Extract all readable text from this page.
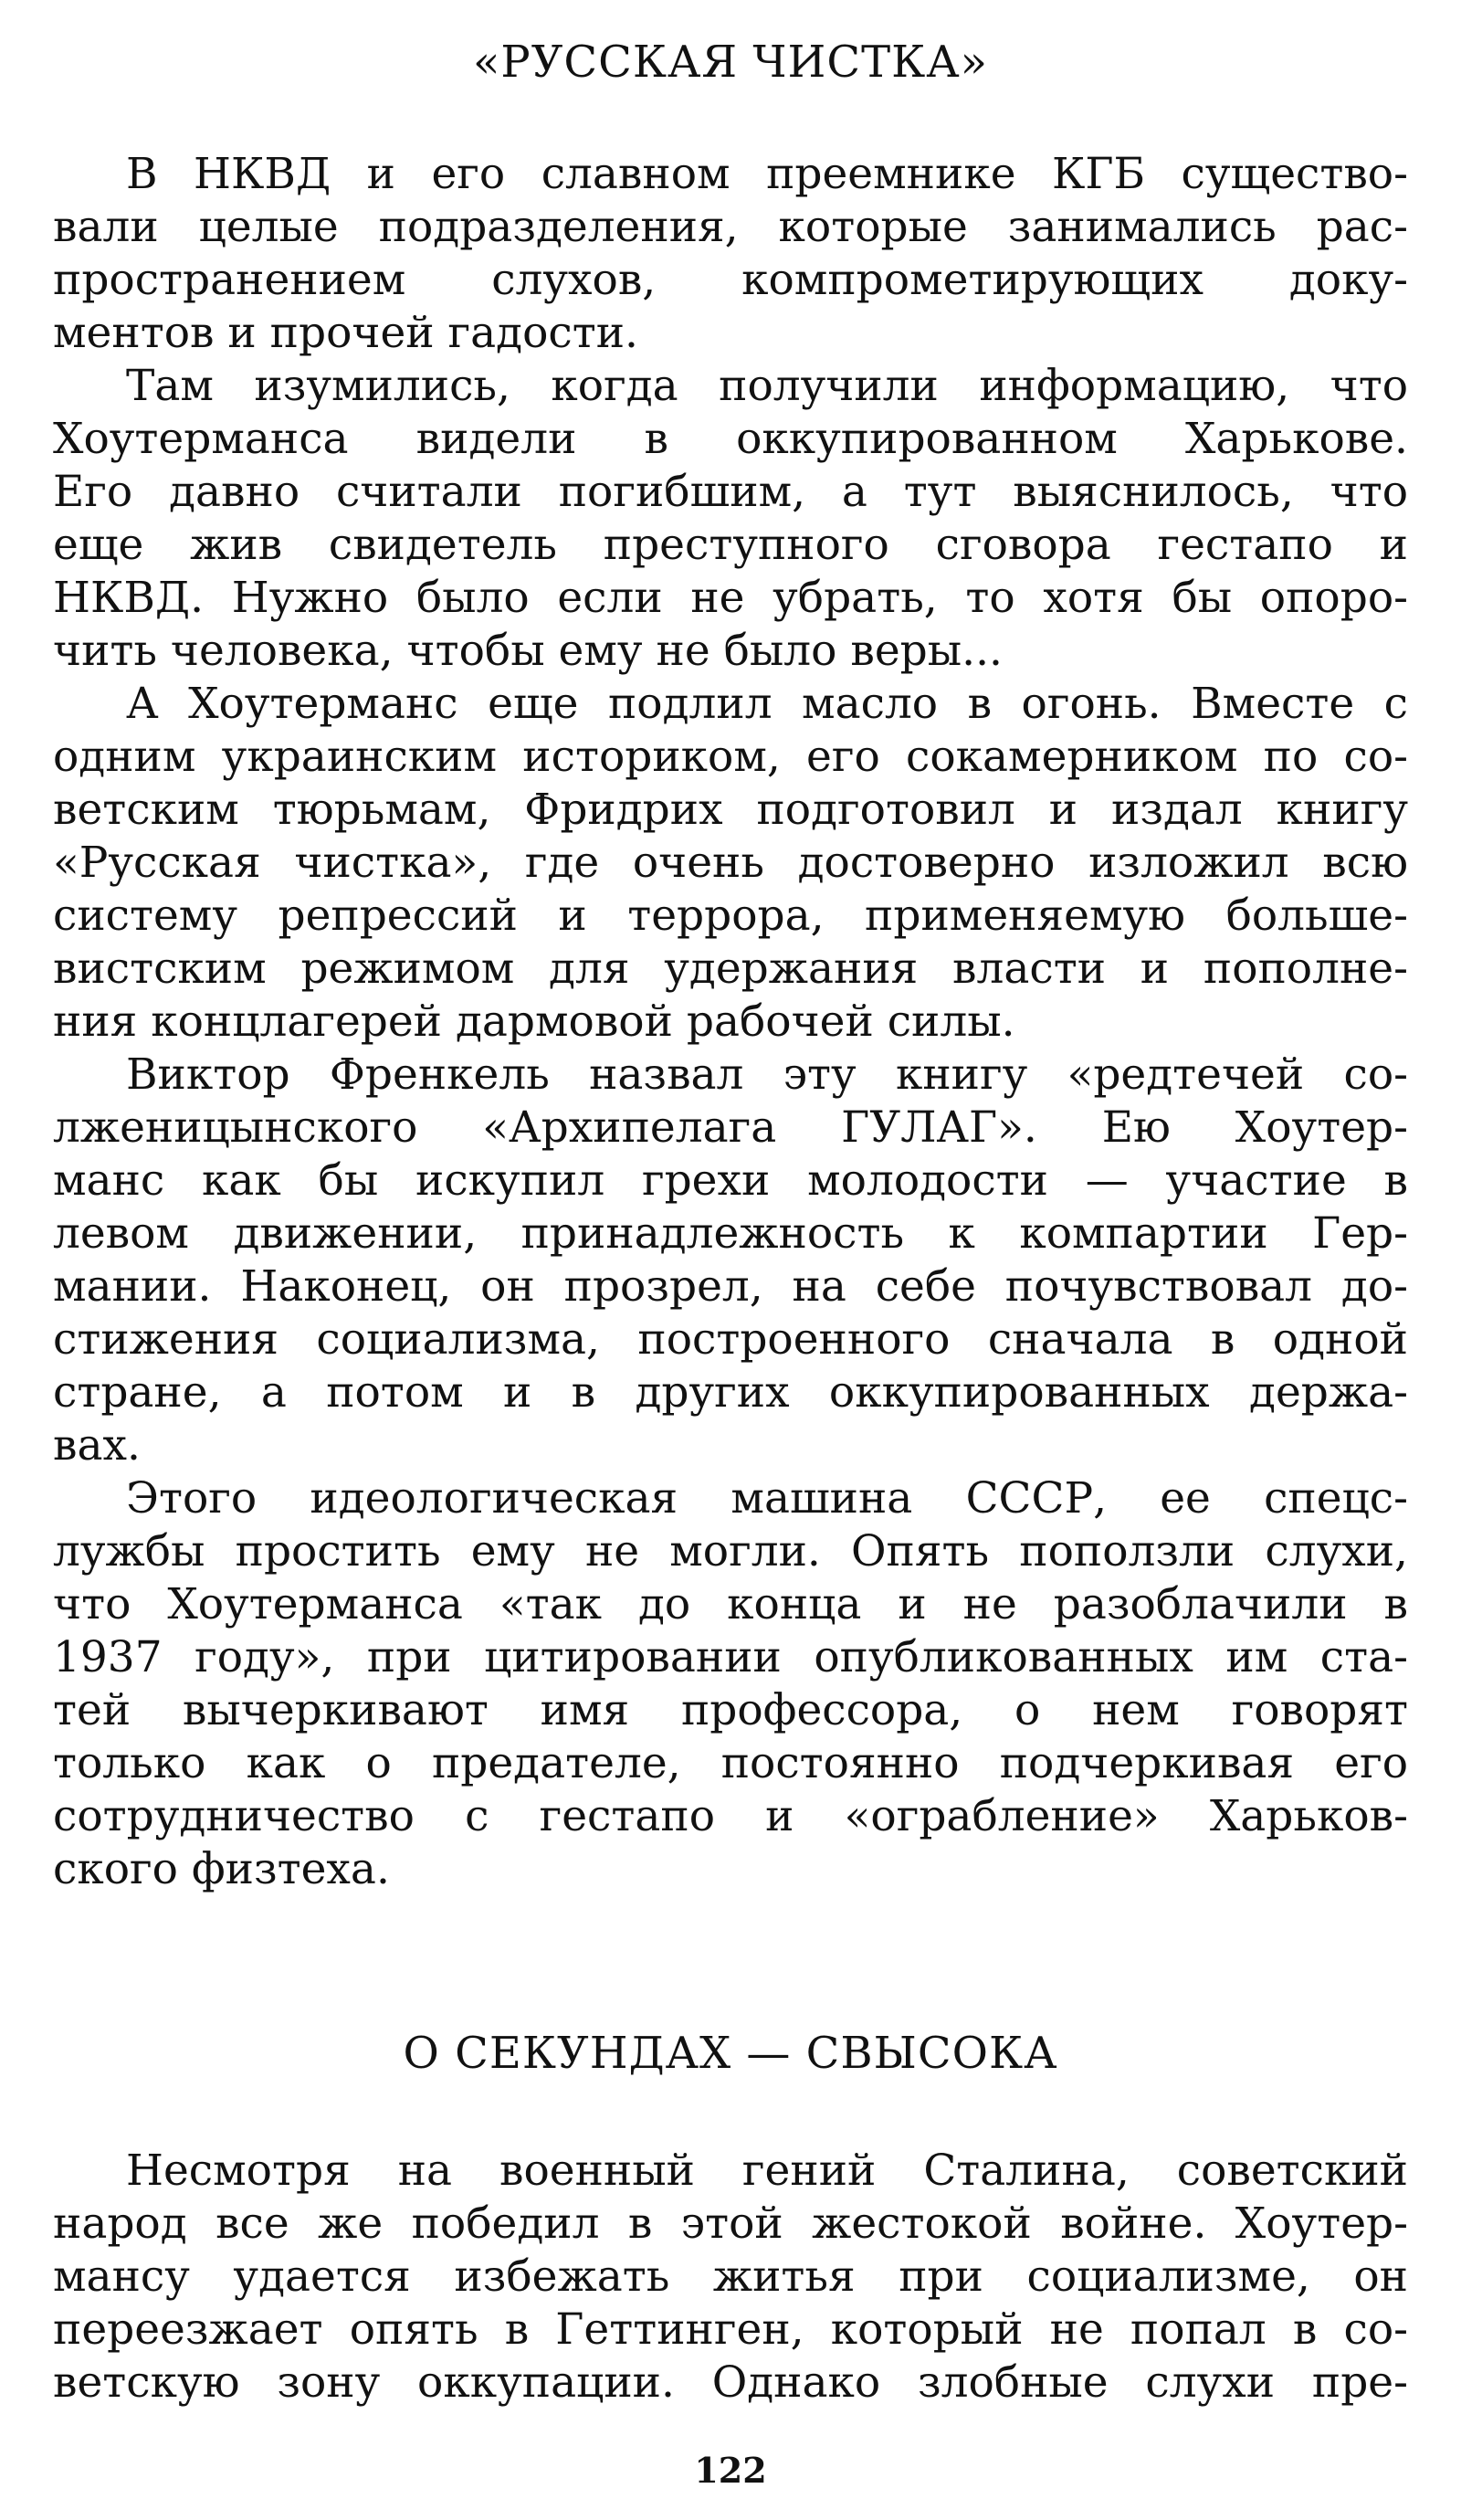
«РУССКАЯ ЧИСТКА»
В НКВД и его славном преемнике КГБ существо-
вали целые подразделения, которые занимались рас-
пространением слухов, компрометирующих доку-
ментов и прочей гадости.
Там изумились, когда получили информацию, что
Хоутерманса видели в оккупированном Харькове.
Его давно считали погибшим, а тут выяснилось, что
еще жив свидетель преступного сговора гестапо и
НКВД. Нужно было если не убрать, то хотя бы опоро-
чить человека, чтобы ему не было веры...
А Хоутерманс еще подлил масло в огонь. Вместе с
одним украинским историком, его сокамерником по со-
ветским тюрьмам, Фридрих подготовил и издал книгу
«Русская чистка», где очень достоверно изложил всю
систему репрессий и террора, применяемую больше-
вистским режимом для удержания власти и пополне-
ния концлагерей дармовой рабочей силы.
Виктор Френкель назвал эту книгу «редтечей со-
лженицынского «Архипелага ГУЛАГ». Ею Хоутер-
манс как бы искупил грехи молодости — участие в
левом движении, принадлежность к компартии Гер-
мании. Наконец, он прозрел, на себе почувствовал до-
стижения социализма, построенного сначала в одной
стране, а потом и в других оккупированных держа-
вах.
Этого идеологическая машина СССР, ее спецс-
лужбы простить ему не могли. Опять поползли слухи,
что Хоутерманса «так до конца и не разоблачили в
1937 году», при цитировании опубликованных им ста-
тей вычеркивают имя профессора, о нем говорят
только как о предателе, постоянно подчеркивая его
сотрудничество с гестапо и «ограбление» Харьков-
ского физтеха.
О СЕКУНДАХ — СВЫСОКА
Несмотря на военный гений Сталина, советский
народ все же победил в этой жестокой войне. Хоутер-
мансу удается избежать житья при социализме, он
переезжает опять в Геттинген, который не попал в со-
ветскую зону оккупации. Однако злобные слухи пре-
122
